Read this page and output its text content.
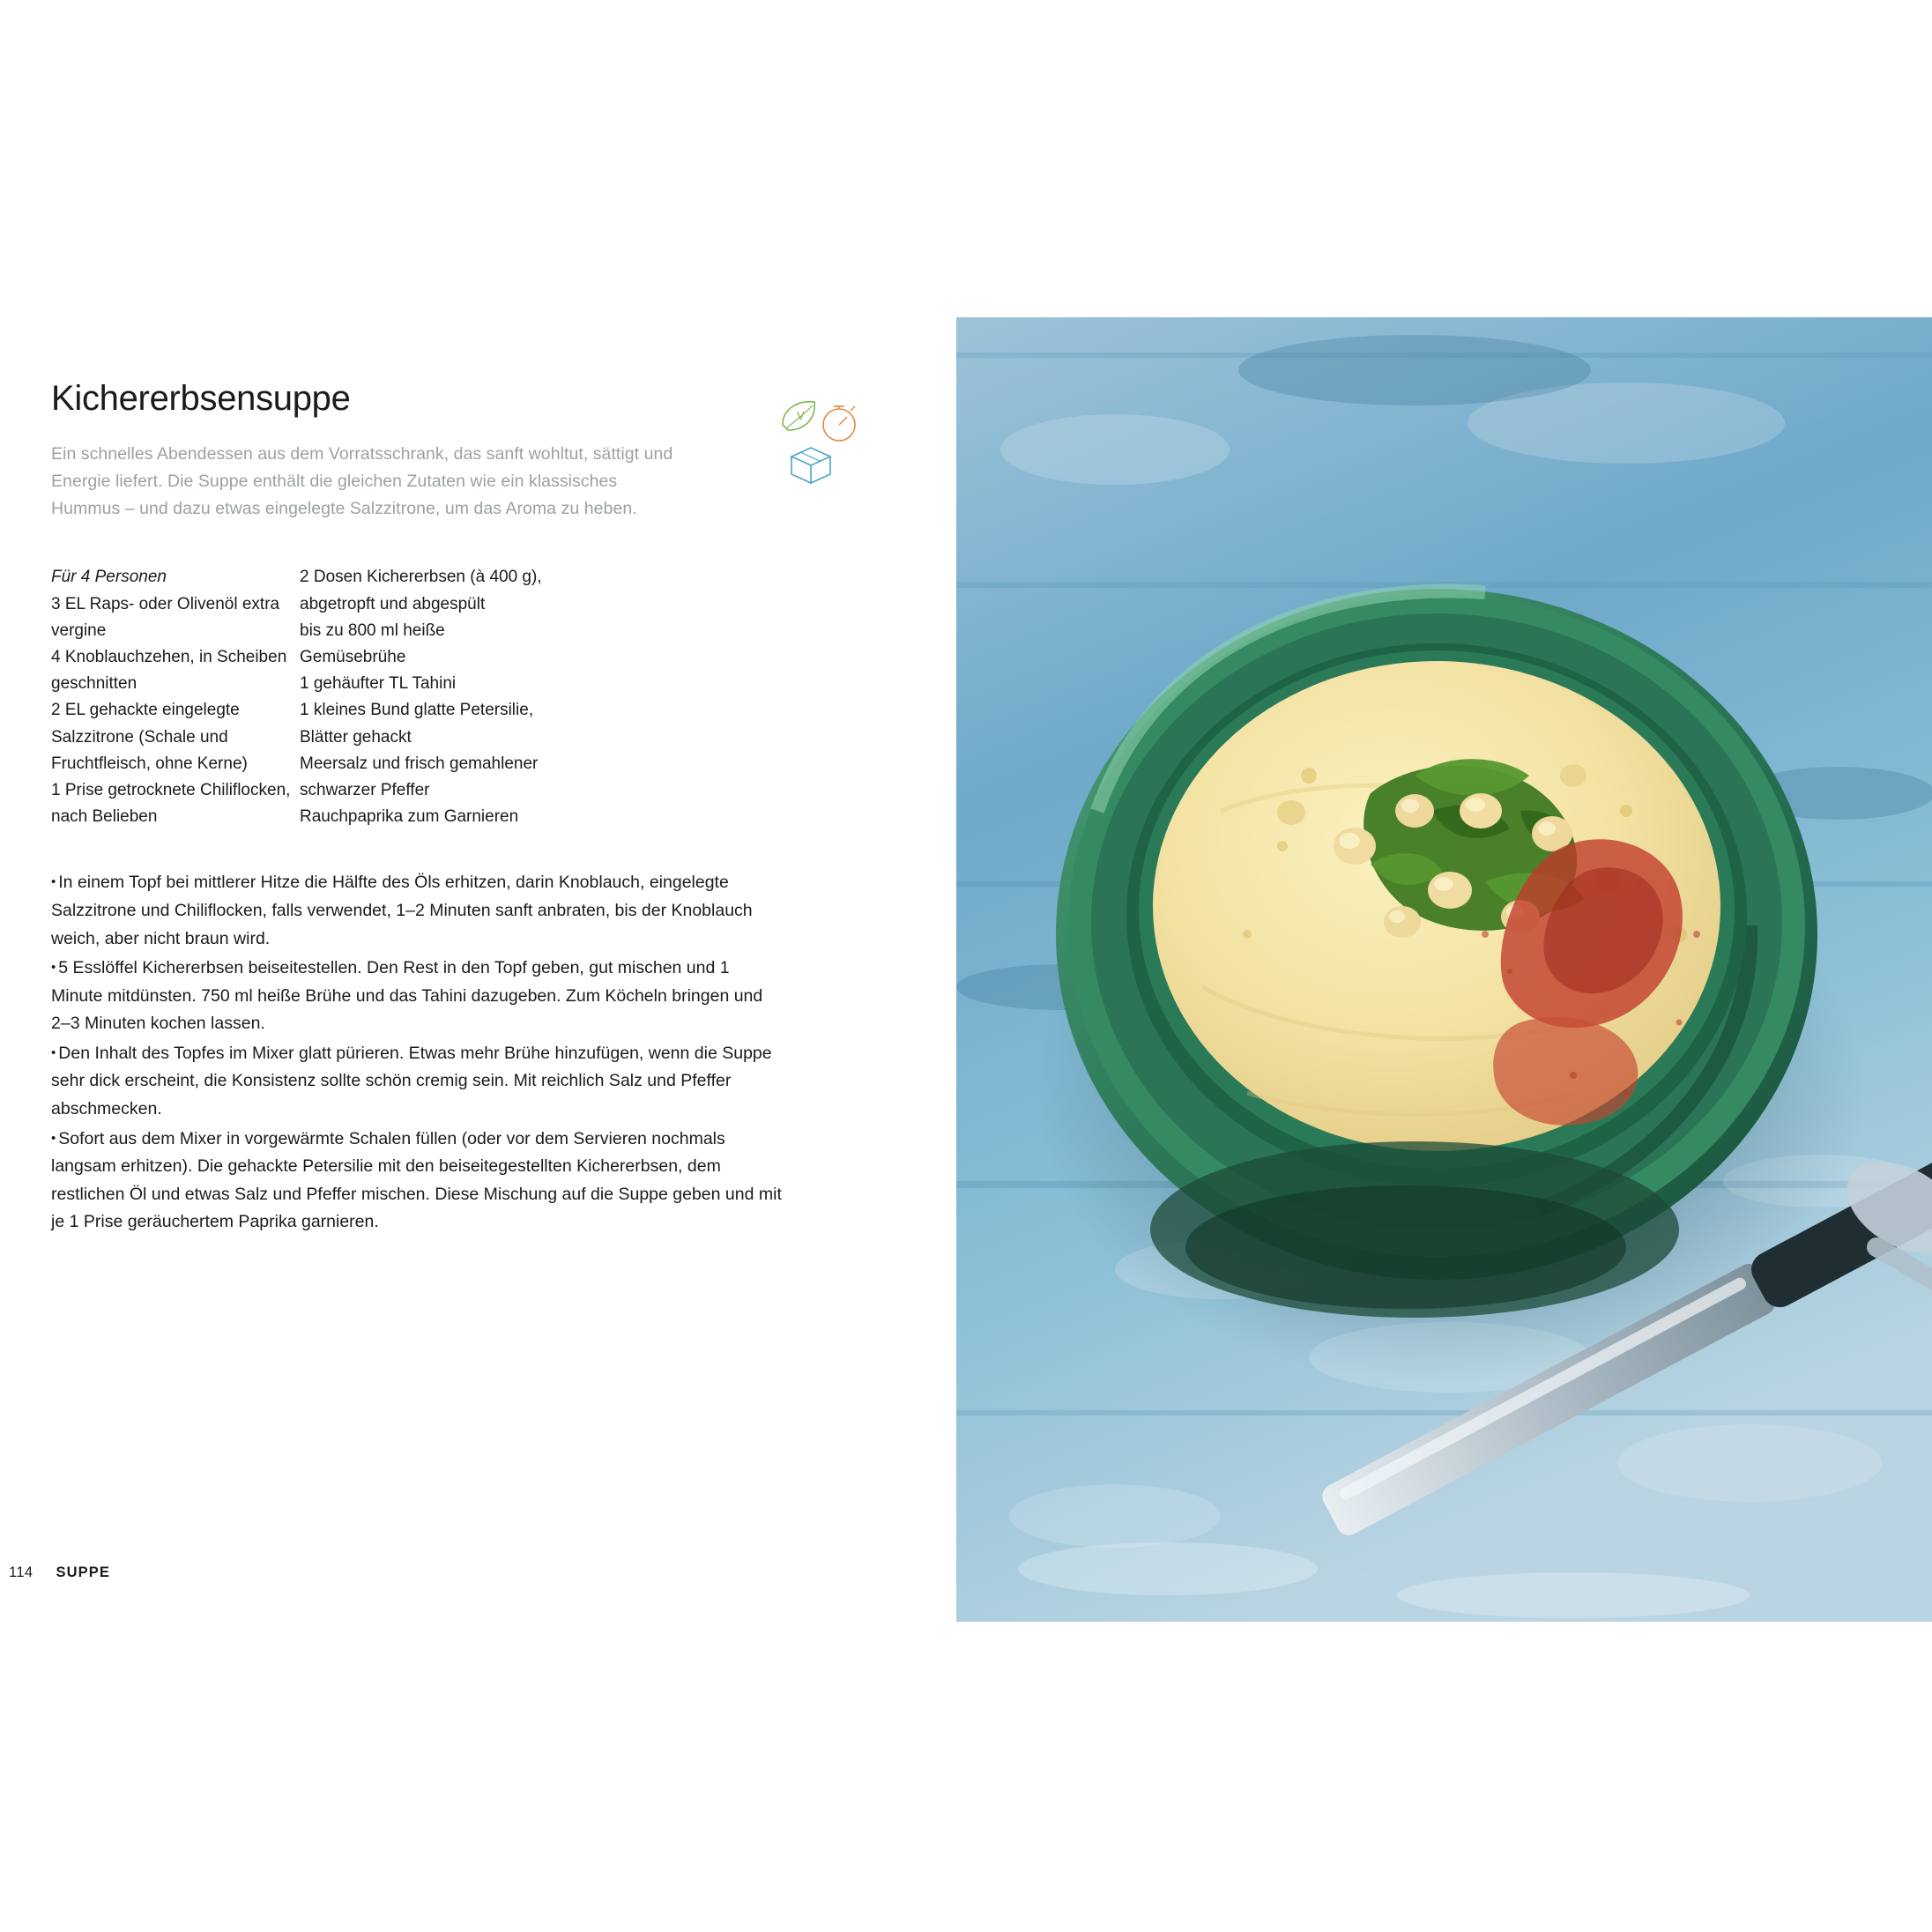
Kichererbsensuppe

Ein schnelles Abendessen aus dem Vorratsschrank, das sanft wohltut, sättigt und Energie liefert. Die Suppe enthält die gleichen Zutaten wie ein klassisches Hummus – und dazu etwas eingelegte Salzzitrone, um das Aroma zu heben.

Für 4 Personen
3 EL Raps- oder Olivenöl extra
vergine
4 Knoblauchzehen, in Scheiben
geschnitten
2 EL gehackte eingelegte
Salzzitrone (Schale und
Fruchtfleisch, ohne Kerne)
1 Prise getrocknete Chiliflocken,
nach Belieben
2 Dosen Kichererbsen (à 400 g),
abgetropft und abgespült
bis zu 800 ml heiße
Gemüsebrühe
1 gehäufter TL Tahini
1 kleines Bund glatte Petersilie,
Blätter gehackt
Meersalz und frisch gemahlener
schwarzer Pfeffer
Rauchpaprika zum Garnieren

• In einem Topf bei mittlerer Hitze die Hälfte des Öls erhitzen, darin Knoblauch, eingelegte Salzzitrone und Chiliflocken, falls verwendet, 1–2 Minuten sanft anbraten, bis der Knoblauch weich, aber nicht braun wird.

• 5 Esslöffel Kichererbsen beiseitestellen. Den Rest in den Topf geben, gut mischen und 1 Minute mitdünsten. 750 ml heiße Brühe und das Tahini dazugeben. Zum Köcheln bringen und 2–3 Minuten kochen lassen.

• Den Inhalt des Topfes im Mixer glatt pürieren. Etwas mehr Brühe hinzufügen, wenn die Suppe sehr dick erscheint, die Konsistenz sollte schön cremig sein. Mit reichlich Salz und Pfeffer abschmecken.

• Sofort aus dem Mixer in vorgewärmte Schalen füllen (oder vor dem Servieren nochmals langsam erhitzen). Die gehackte Petersilie mit den beiseitegestellten Kichererbsen, dem restlichen Öl und etwas Salz und Pfeffer mischen. Diese Mischung auf die Suppe geben und mit je 1 Prise geräuchertem Paprika garnieren.

V
114 SUPPE
